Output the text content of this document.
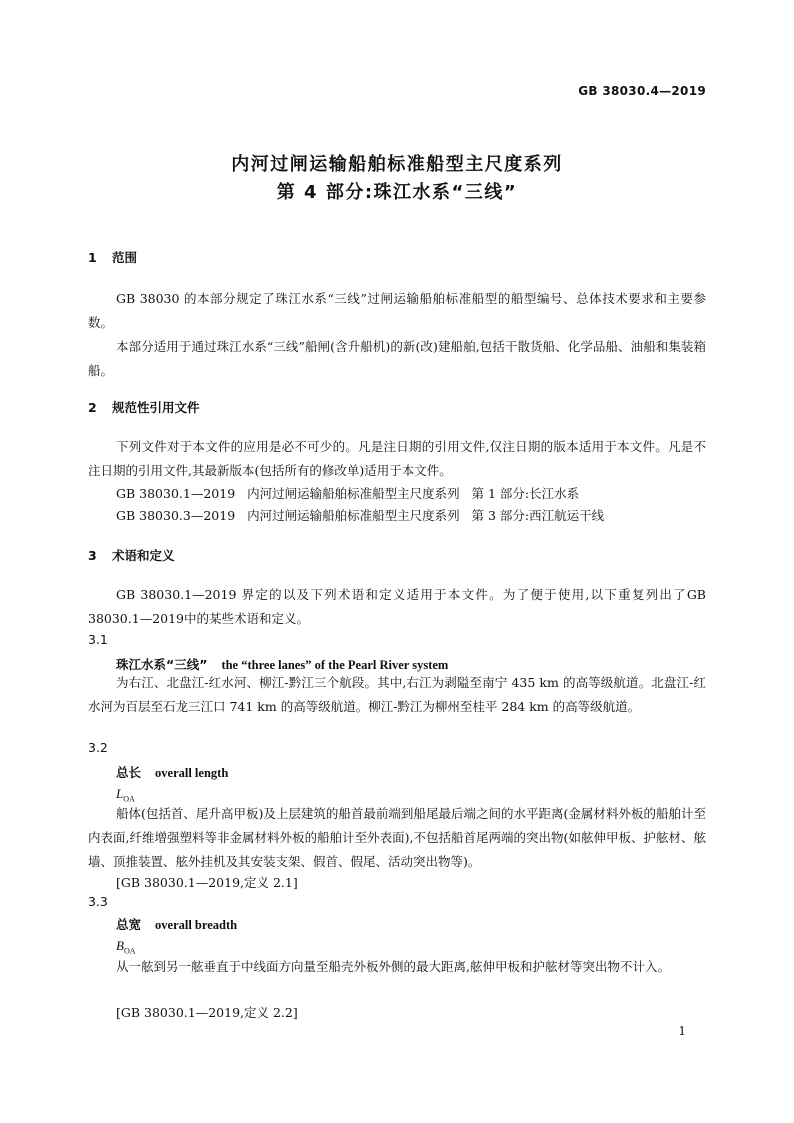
GB 38030.4—2019
内河过闸运输船舶标准船型主尺度系列
第 4 部分:珠江水系“三线”
1 范围
GB 38030 的本部分规定了珠江水系“三线”过闸运输船舶标准船型的船型编号、总体技术要求和主要参数。
本部分适用于通过珠江水系“三线”船闸(含升船机)的新(改)建船舶,包括干散货船、化学品船、油船和集装箱船。
2 规范性引用文件
下列文件对于本文件的应用是必不可少的。凡是注日期的引用文件,仅注日期的版本适用于本文件。凡是不注日期的引用文件,其最新版本(包括所有的修改单)适用于本文件。
GB 38030.1—2019   内河过闸运输船舶标准船型主尺度系列   第 1 部分:长江水系
GB 38030.3—2019   内河过闸运输船舶标准船型主尺度系列   第 3 部分:西江航运干线
3 术语和定义
GB 38030.1—2019 界定的以及下列术语和定义适用于本文件。为了便于使用,以下重复列出了GB 38030.1—2019中的某些术语和定义。
3.1
珠江水系“三线” the “three lanes” of the Pearl River system
为右江、北盘江-红水河、柳江-黔江三个航段。其中,右江为剥隘至南宁 435 km 的高等级航道。北盘江-红水河为百层至石龙三江口 741 km 的高等级航道。柳江-黔江为柳州至桂平 284 km 的高等级航道。
3.2
总长 overall length
$L_{OA}$
船体(包括首、尾升高甲板)及上层建筑的船首最前端到船尾最后端之间的水平距离(金属材料外板的船舶计至内表面,纤维增强塑料等非金属材料外板的船舶计至外表面),不包括船首尾两端的突出物(如舷伸甲板、护舷材、舷墙、顶推装置、舷外挂机及其安装支架、假首、假尾、活动突出物等)。
[GB 38030.1—2019,定义 2.1]
3.3
总宽 overall breadth
$B_{OA}$
从一舷到另一舷垂直于中线面方向量至船壳外板外侧的最大距离,舷伸甲板和护舷材等突出物不计入。
[GB 38030.1—2019,定义 2.2]
1
